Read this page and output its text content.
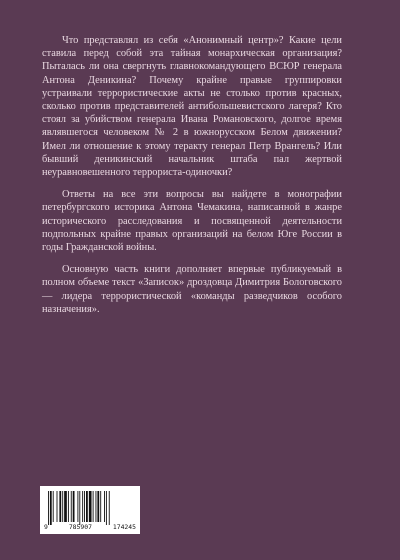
Что представлял из себя «Анонимный центр»? Какие цели ставила перед собой эта тайная монархическая организация? Пыталась ли она свергнуть главнокомандующего ВСЮР генерала Антона Деникина? Почему крайне правые группировки устраивали террористические акты не столько против красных, сколько против представителей антибольшевистского лагеря? Кто стоял за убийством генерала Ивана Романовского, долгое время являвшегося человеком № 2 в южнорусском Белом движении? Имел ли отношение к этому теракту генерал Петр Врангель? Или бывший деникинский начальник штаба пал жертвой неуравновешенного террориста-одиночки?

Ответы на все эти вопросы вы найдете в монографии петербургского историка Антона Чемакина, написанной в жанре исторического расследования и посвященной деятельности подпольных крайне правых организаций на белом Юге России в годы Гражданской войны.

Основную часть книги дополняет впервые публикуемый в полном объеме текст «Записок» дроздовца Димитрия Бологовского — лидера террористической «команды разведчиков особого назначения».

9	785907	174245
